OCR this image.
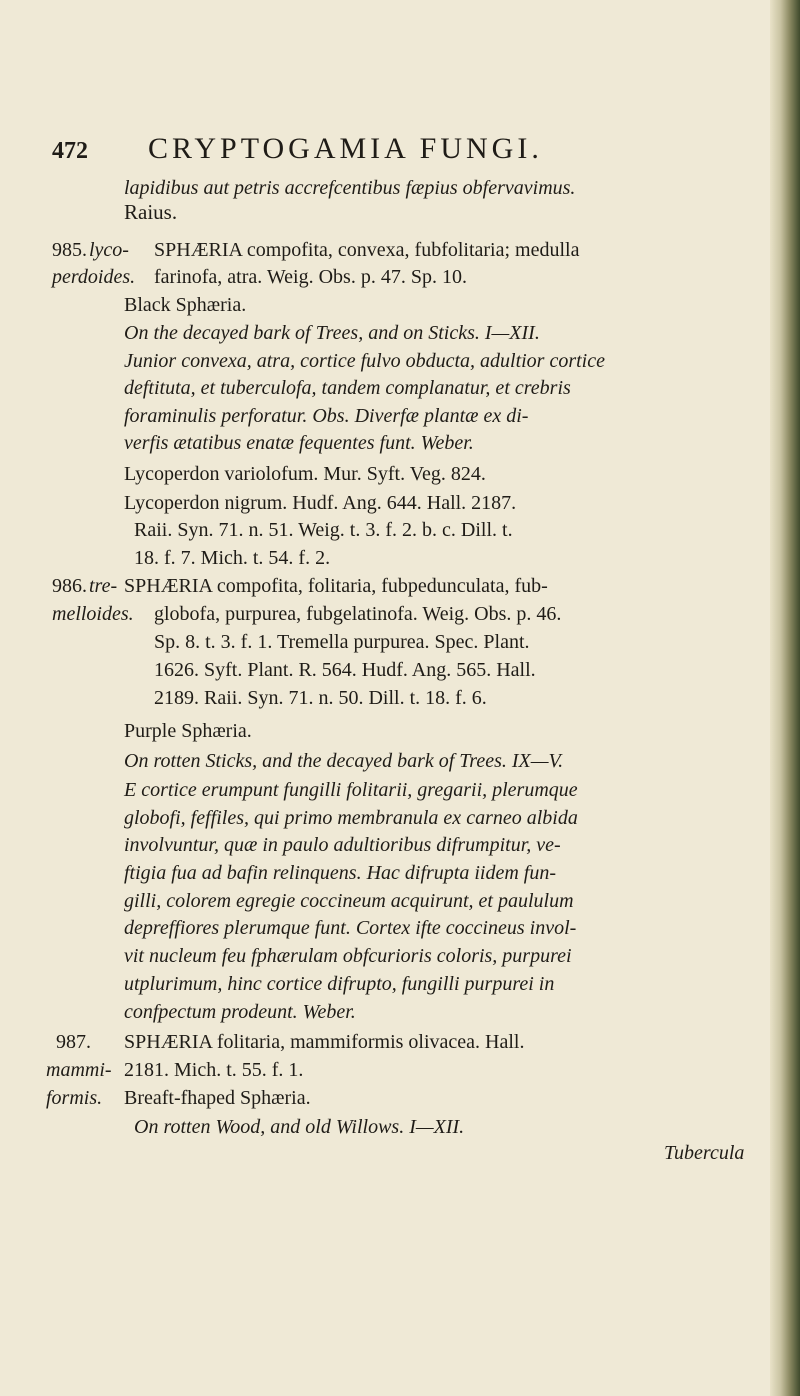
472 CRYPTOGAMIA FUNGI.
lapidibus aut petris accrefcentibus fæpius obfervavimus.
Raius.
985. lyco-
perdoides.
SPHÆRIA compofita, convexa, fubfolitaria; medulla
farinofa, atra. Weig. Obs. p. 47. Sp. 10.
Black Sphæria.
On the decayed bark of Trees, and on Sticks. I—XII.
Junior convexa, atra, cortice fulvo obducta, adultior cortice
deftituta, et tuberculofa, tandem complanatur, et crebris
foraminulis perforatur. Obs. Diverfæ plantæ ex di-
verfis ætatibus enatæ fequentes funt. Weber.
Lycoperdon variolofum. Mur. Syft. Veg. 824.
Lycoperdon nigrum. Hudf. Ang. 644. Hall. 2187.
Raii. Syn. 71. n. 51. Weig. t. 3. f. 2. b. c. Dill. t.
18. f. 7. Mich. t. 54. f. 2.
986. tre-
melloides.
SPHÆRIA compofita, folitaria, fubpedunculata, fub-
globofa, purpurea, fubgelatinofa. Weig. Obs. p. 46.
Sp. 8. t. 3. f. 1. Tremella purpurea. Spec. Plant.
1626. Syft. Plant. R. 564. Hudf. Ang. 565. Hall.
2189. Raii. Syn. 71. n. 50. Dill. t. 18. f. 6.
Purple Sphæria.
On rotten Sticks, and the decayed bark of Trees. IX—V.
E cortice erumpunt fungilli folitarii, gregarii, plerumque
globofi, feffiles, qui primo membranula ex carneo albida
involvuntur, quæ in paulo adultioribus difrumpitur, ve-
ftigia fua ad bafin relinquens. Hac difrupta iidem fun-
gilli, colorem egregie coccineum acquirunt, et paululum
depreffiores plerumque funt. Cortex ifte coccineus invol-
vit nucleum feu fphærulam obfcurioris coloris, purpurei
utplurimum, hinc cortice difrupto, fungilli purpurei in
confpectum prodeunt. Weber.
987.
mammi-
formis.
SPHÆRIA folitaria, mammiformis olivacea. Hall.
2181. Mich. t. 55. f. 1.
Breaft-fhaped Sphæria.
On rotten Wood, and old Willows. I—XII.
Tubercula
